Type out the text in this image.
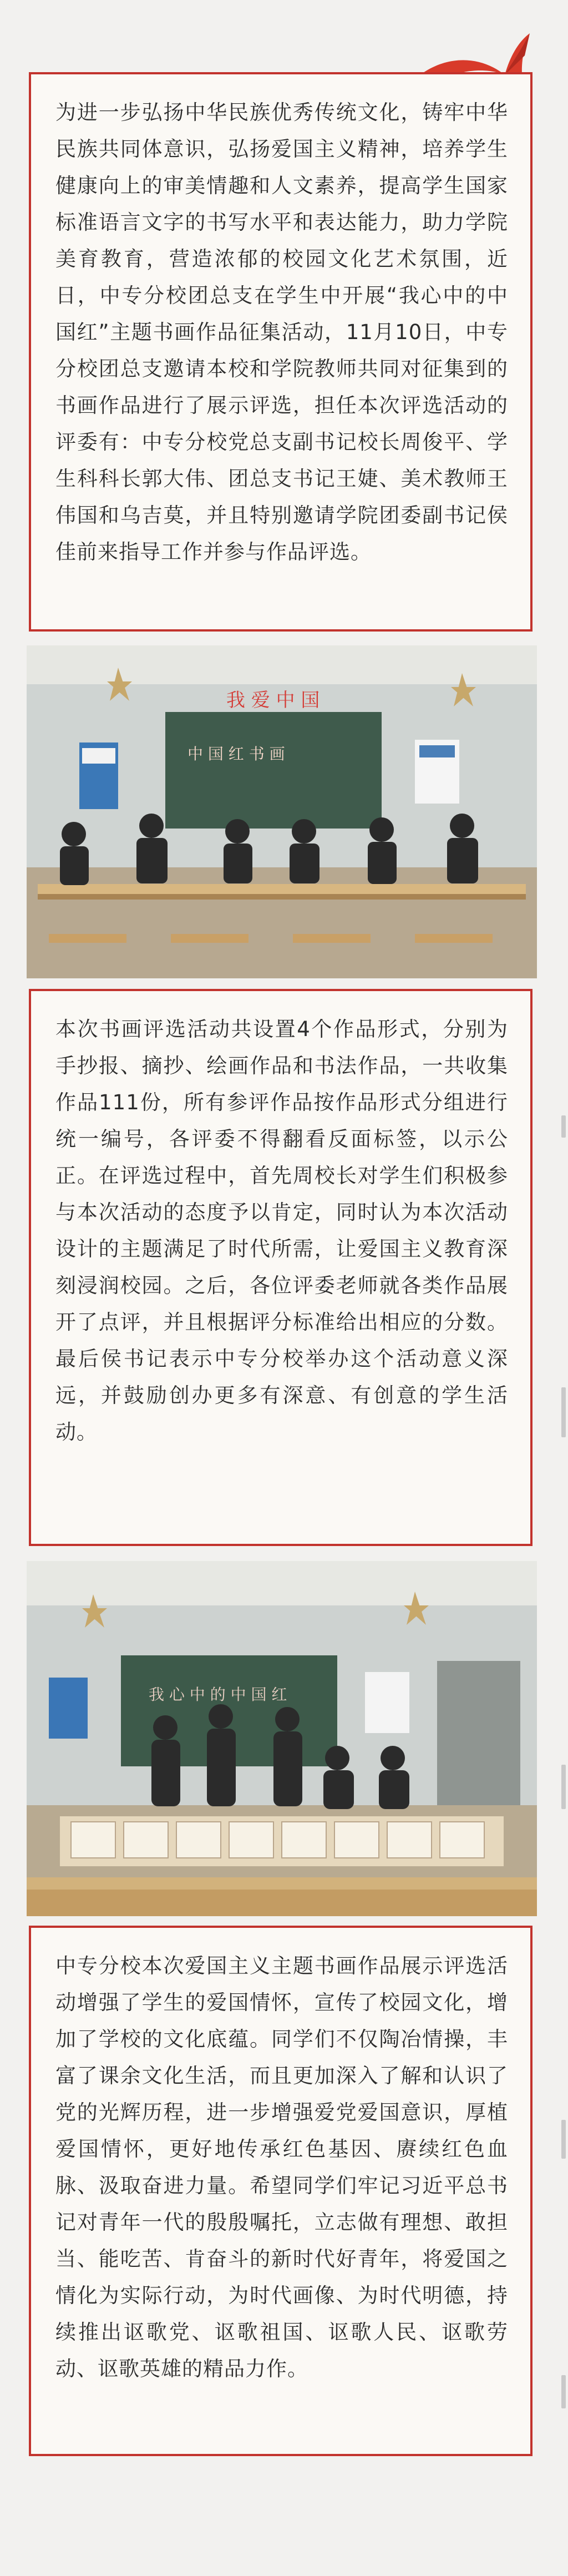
为进一步弘扬中华民族优秀传统文化，铸牢中华民族共同体意识，弘扬爱国主义精神，培养学生健康向上的审美情趣和人文素养，提高学生国家标准语言文字的书写水平和表达能力，助力学院美育教育，营造浓郁的校园文化艺术氛围，近日，中专分校团总支在学生中开展“我心中的中国红”主题书画作品征集活动，11月10日，中专分校团总支邀请本校和学院教师共同对征集到的书画作品进行了展示评选，担任本次评选活动的评委有：中专分校党总支副书记校长周俊平、学生科科长郭大伟、团总支书记王婕、美术教师王伟国和乌吉莫，并且特别邀请学院团委副书记侯佳前来指导工作并参与作品评选。
中 国 红 书 画
我 爱 中 国
本次书画评选活动共设置4个作品形式，分别为手抄报、摘抄、绘画作品和书法作品，一共收集作品111份，所有参评作品按作品形式分组进行统一编号，各评委不得翻看反面标签，以示公正。在评选过程中，首先周校长对学生们积极参与本次活动的态度予以肯定，同时认为本次活动设计的主题满足了时代所需，让爱国主义教育深刻浸润校园。之后，各位评委老师就各类作品展开了点评，并且根据评分标准给出相应的分数。最后侯书记表示中专分校举办这个活动意义深远，并鼓励创办更多有深意、有创意的学生活动。
我 心 中 的 中 国 红
中专分校本次爱国主义主题书画作品展示评选活动增强了学生的爱国情怀，宣传了校园文化，增加了学校的文化底蕴。同学们不仅陶冶情操，丰富了课余文化生活，而且更加深入了解和认识了党的光辉历程，进一步增强爱党爱国意识，厚植爱国情怀，更好地传承红色基因、赓续红色血脉、汲取奋进力量。希望同学们牢记习近平总书记对青年一代的殷殷嘱托，立志做有理想、敢担当、能吃苦、肯奋斗的新时代好青年，将爱国之情化为实际行动，为时代画像、为时代明德，持续推出讴歌党、讴歌祖国、讴歌人民、讴歌劳动、讴歌英雄的精品力作。
